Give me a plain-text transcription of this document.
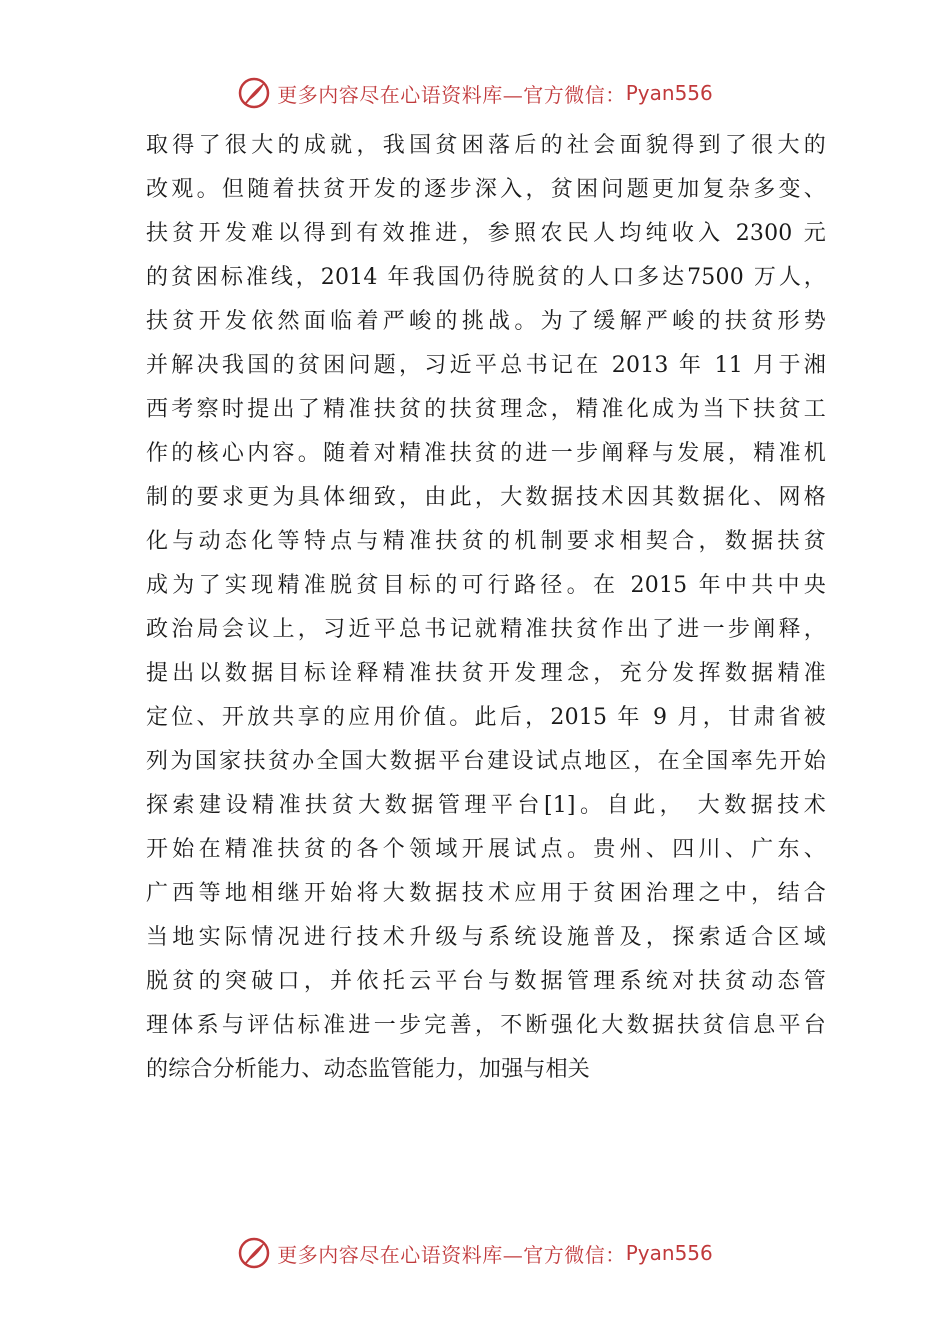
更多内容尽在心语资料库—官方微信： Pyan556
取得了很大的成就，我国贫困落后的社会面貌得到了很大的
改观。但随着扶贫开发的逐步深入，贫困问题更加复杂多变、
扶贫开发难以得到有效推进，参照农民人均纯收入 2300 元
的贫困标准线，2014 年我国仍待脱贫的人口多达7500 万人，
扶贫开发依然面临着严峻的挑战。为了缓解严峻的扶贫形势
并解决我国的贫困问题，习近平总书记在 2013 年 11 月于湘
西考察时提出了精准扶贫的扶贫理念，精准化成为当下扶贫工
作的核心内容。随着对精准扶贫的进一步阐释与发展，精准机
制的要求更为具体细致，由此，大数据技术因其数据化、网格
化与动态化等特点与精准扶贫的机制要求相契合，数据扶贫
成为了实现精准脱贫目标的可行路径。在 2015 年中共中央
政治局会议上，习近平总书记就精准扶贫作出了进一步阐释，
提出以数据目标诠释精准扶贫开发理念，充分发挥数据精准
定位、开放共享的应用价值。此后，2015 年 9 月，甘肃省被
列为国家扶贫办全国大数据平台建设试点地区，在全国率先开始
探索建设精准扶贫大数据管理平台[1]。自此， 大数据技术
开始在精准扶贫的各个领域开展试点。贵州、四川、广东、
广西等地相继开始将大数据技术应用于贫困治理之中，结合
当地实际情况进行技术升级与系统设施普及，探索适合区域
脱贫的突破口，并依托云平台与数据管理系统对扶贫动态管
理体系与评估标准进一步完善，不断强化大数据扶贫信息平台
的综合分析能力、动态监管能力，加强与相关
更多内容尽在心语资料库—官方微信： Pyan556
